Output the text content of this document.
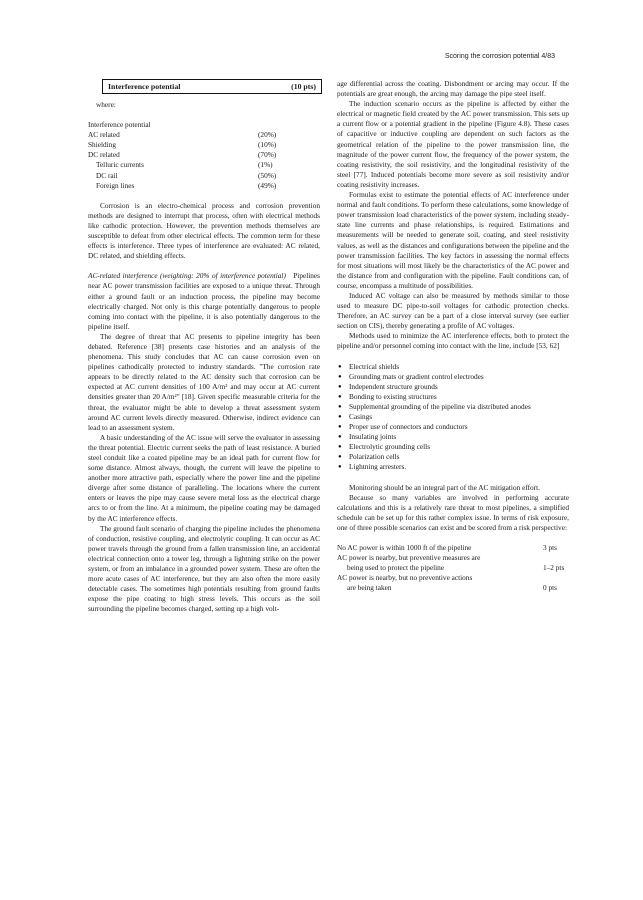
Scoring the corrosion potential 4/83
Interference potential	(10 pts)

where:

Interference potential
AC related	(20%)
Shielding	(10%)
DC related	(70%)
Telluric currents	(1%)
DC rail	(50%)
Foreign lines	(49%)

Corrosion is an electro-chemical process and corrosion prevention methods are designed to interrupt that process, often with electrical methods like cathodic protection. However, the prevention methods themselves are susceptible to defeat from other electrical effects. The common term for these effects is interference. Three types of interference are evaluated: AC related, DC related, and shielding effects.

AC-related interference (weighting: 20% of interference potential) Pipelines near AC power transmission facilities are exposed to a unique threat. Through either a ground fault or an induction process, the pipeline may become electrically charged. Not only is this charge potentially dangerous to people coming into contact with the pipeline, it is also potentially dangerous to the pipeline itself.

The degree of threat that AC presents to pipeline integrity has been debated. Reference [38] presents case histories and an analysis of the phenomena. This study concludes that AC can cause corrosion even on pipelines cathodically protected to industry standards. "The corrosion rate appears to be directly related to the AC density such that corrosion can be expected at AC current densities of 100 A/m² and may occur at AC current densities greater than 20 A/m²" [18]. Given specific measurable criteria for the threat, the evaluator might be able to develop a threat assessment system around AC current levels directly measured. Otherwise, indirect evidence can lead to an assessment system.

A basic understanding of the AC issue will serve the evaluator in assessing the threat potential. Electric current seeks the path of least resistance. A buried steel conduit like a coated pipeline may be an ideal path for current flow for some distance. Almost always, though, the current will leave the pipeline to another more attractive path, especially where the power line and the pipeline diverge after some distance of paralleling. The locations where the current enters or leaves the pipe may cause severe metal loss as the electrical charge arcs to or from the line. At a minimum, the pipeline coating may be damaged by the AC interference effects.

The ground fault scenario of charging the pipeline includes the phenomena of conduction, resistive coupling, and electrolytic coupling. It can occur as AC power travels through the ground from a fallen transmission line, an accidental electrical connection onto a tower leg, through a lightning strike on the power system, or from an imbalance in a grounded power system. These are often the more acute cases of AC interference, but they are also often the more easily detectable cases. The sometimes high potentials resulting from ground faults expose the pipe coating to high stress levels. This occurs as the soil surrounding the pipeline becomes charged, setting up a high volt-

age differential across the coating. Disbondment or arcing may occur. If the potentials are great enough, the arcing may damage the pipe steel itself.

The induction scenario occurs as the pipeline is affected by either the electrical or magnetic field created by the AC power transmission. This sets up a current flow or a potential gradient in the pipeline (Figure 4.8). These cases of capacitive or inductive coupling are dependent on such factors as the geometrical relation of the pipeline to the power transmission line, the magnitude of the power current flow, the frequency of the power system, the coating resistivity, the soil resistivity, and the longitudinal resistivity of the steel [77]. Induced potentials become more severe as soil resistivity and/or coating resistivity increases.

Formulas exist to estimate the potential effects of AC interference under normal and fault conditions. To perform these calculations, some knowledge of power transmission load characteristics of the power system, including steady-state line currents and phase relationships, is required. Estimations and measurements will be needed to generate soil, coating, and steel resistivity values, as well as the distances and configurations between the pipeline and the power transmission facilities. The key factors in assessing the normal effects for most situations will most likely be the characteristics of the AC power and the distance from and configuration with the pipeline. Fault conditions can, of course, encompass a multitude of possibilities.

Induced AC voltage can also be measured by methods similar to those used to measure DC pipe-to-soil voltages for cathodic protection checks. Therefore, an AC survey can be a part of a close interval survey (see earlier section on CIS), thereby generating a profile of AC voltages.

Methods used to minimize the AC interference effects, both to protect the pipeline and/or personnel coming into contact with the line, include [53, 62]

● Electrical shields
● Grounding mats or gradient control electrodes
● Independent structure grounds
● Bonding to existing structures
● Supplemental grounding of the pipeline via distributed anodes
● Casings
● Proper use of connectors and conductors
● Insulating joints
● Electrolytic grounding cells
● Polarization cells
● Lightning arresters.

Monitoring should be an integral part of the AC mitigation effort.

Because so many variables are involved in performing accurate calculations and this is a relatively rare threat to most pipelines, a simplified schedule can be set up for this rather complex issue. In terms of risk exposure, one of three possible scenarios can exist and be scored from a risk perspective:

No AC power is within 1000 ft of the pipeline	3 pts
AC power is nearby, but preventive measures are
being used to protect the pipeline	1–2 pts
AC power is nearby, but no preventive actions
are being taken	0 pts
